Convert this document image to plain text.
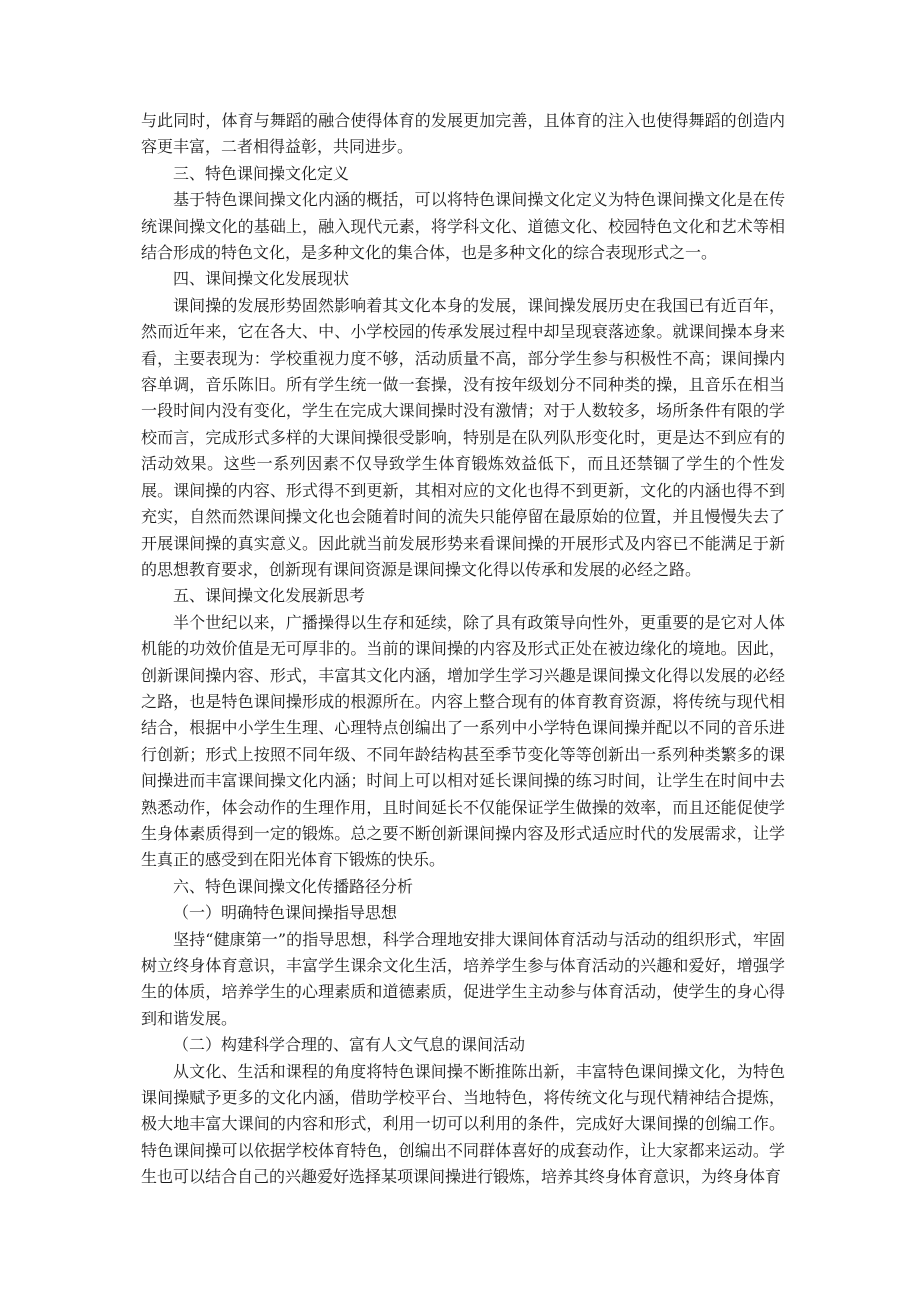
与此同时，体育与舞蹈的融合使得体育的发展更加完善，且体育的注入也使得舞蹈的创造内容更丰富，二者相得益彰，共同进步。

三、特色课间操文化定义

基于特色课间操文化内涵的概括，可以将特色课间操文化定义为特色课间操文化是在传统课间操文化的基础上，融入现代元素，将学科文化、道德文化、校园特色文化和艺术等相结合形成的特色文化，是多种文化的集合体，也是多种文化的综合表现形式之一。

四、课间操文化发展现状

课间操的发展形势固然影响着其文化本身的发展，课间操发展历史在我国已有近百年，然而近年来，它在各大、中、小学校园的传承发展过程中却呈现衰落迹象。就课间操本身来看，主要表现为：学校重视力度不够，活动质量不高，部分学生参与积极性不高；课间操内容单调，音乐陈旧。所有学生统一做一套操，没有按年级划分不同种类的操，且音乐在相当一段时间内没有变化，学生在完成大课间操时没有激情；对于人数较多，场所条件有限的学校而言，完成形式多样的大课间操很受影响，特别是在队列队形变化时，更是达不到应有的活动效果。这些一系列因素不仅导致学生体育锻炼效益低下，而且还禁锢了学生的个性发展。课间操的内容、形式得不到更新，其相对应的文化也得不到更新，文化的内涵也得不到充实，自然而然课间操文化也会随着时间的流失只能停留在最原始的位置，并且慢慢失去了开展课间操的真实意义。因此就当前发展形势来看课间操的开展形式及内容已不能满足于新的思想教育要求，创新现有课间资源是课间操文化得以传承和发展的必经之路。

五、课间操文化发展新思考

半个世纪以来，广播操得以生存和延续，除了具有政策导向性外，更重要的是它对人体机能的功效价值是无可厚非的。当前的课间操的内容及形式正处在被边缘化的境地。因此，创新课间操内容、形式，丰富其文化内涵，增加学生学习兴趣是课间操文化得以发展的必经之路，也是特色课间操形成的根源所在。内容上整合现有的体育教育资源，将传统与现代相结合，根据中小学生生理、心理特点创编出了一系列中小学特色课间操并配以不同的音乐进行创新；形式上按照不同年级、不同年龄结构甚至季节变化等等创新出一系列种类繁多的课间操进而丰富课间操文化内涵；时间上可以相对延长课间操的练习时间，让学生在时间中去熟悉动作，体会动作的生理作用，且时间延长不仅能保证学生做操的效率，而且还能促使学生身体素质得到一定的锻炼。总之要不断创新课间操内容及形式适应时代的发展需求，让学生真正的感受到在阳光体育下锻炼的快乐。

六、特色课间操文化传播路径分析

（一）明确特色课间操指导思想

坚持“健康第一”的指导思想，科学合理地安排大课间体育活动与活动的组织形式，牢固树立终身体育意识，丰富学生课余文化生活，培养学生参与体育活动的兴趣和爱好，增强学生的体质，培养学生的心理素质和道德素质，促进学生主动参与体育活动，使学生的身心得到和谐发展。

（二）构建科学合理的、富有人文气息的课间活动

从文化、生活和课程的角度将特色课间操不断推陈出新，丰富特色课间操文化，为特色课间操赋予更多的文化内涵，借助学校平台、当地特色，将传统文化与现代精神结合提炼，极大地丰富大课间的内容和形式，利用一切可以利用的条件，完成好大课间操的创编工作。特色课间操可以依据学校体育特色，创编出不同群体喜好的成套动作，让大家都来运动。学生也可以结合自己的兴趣爱好选择某项课间操进行锻炼，培养其终身体育意识，为终身体育
